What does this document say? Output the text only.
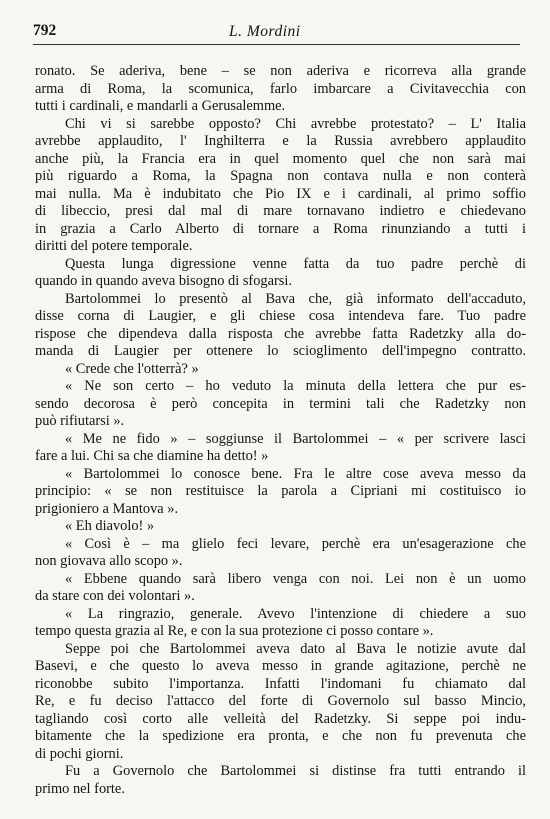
792	L. Mordini
ronato. Se aderiva, bene – se non aderiva e ricorreva alla grande
arma di Roma, la scomunica, farlo imbarcare a Civitavecchia con
tutti i cardinali, e mandarli a Gerusalemme.
Chi vi si sarebbe opposto? Chi avrebbe protestato? – L' Italia
avrebbe applaudito, l' Inghilterra e la Russia avrebbero applaudito
anche più, la Francia era in quel momento quel che non sarà mai
più riguardo a Roma, la Spagna non contava nulla e non conterà
mai nulla. Ma è indubitato che Pio IX e i cardinali, al primo soffio
di libeccio, presi dal mal di mare tornavano indietro e chiedevano
in grazia a Carlo Alberto di tornare a Roma rinunziando a tutti i
diritti del potere temporale.
Questa lunga digressione venne fatta da tuo padre perchè di
quando in quando aveva bisogno di sfogarsi.
Bartolommei lo presentò al Bava che, già informato dell'accaduto,
disse corna di Laugier, e gli chiese cosa intendeva fare. Tuo padre
rispose che dipendeva dalla risposta che avrebbe fatta Radetzky alla do-
manda di Laugier per ottenere lo scioglimento dell'impegno contratto.
« Crede che l'otterrà? »
« Ne son certo – ho veduto la minuta della lettera che pur es-
sendo decorosa è però concepita in termini tali che Radetzky non
può rifiutarsi ».
« Me ne fido » – soggiunse il Bartolommei – « per scrivere lasci
fare a lui. Chi sa che diamine ha detto! »
« Bartolommei lo conosce bene. Fra le altre cose aveva messo da
principio: « se non restituisce la parola a Cipriani mi costituisco io
prigioniero a Mantova ».
« Eh diavolo! »
« Così è – ma glielo feci levare, perchè era un'esagerazione che
non giovava allo scopo ».
« Ebbene quando sarà libero venga con noi. Lei non è un uomo
da stare con dei volontari ».
« La ringrazio, generale. Avevo l'intenzione di chiedere a suo
tempo questa grazia al Re, e con la sua protezione ci posso contare ».
Seppe poi che Bartolommei aveva dato al Bava le notizie avute dal
Basevi, e che questo lo aveva messo in grande agitazione, perchè ne
riconobbe subito l'importanza. Infatti l'indomani fu chiamato dal
Re, e fu deciso l'attacco del forte di Governolo sul basso Mincio,
tagliando così corto alle velleità del Radetzky. Si seppe poi indu-
bitamente che la spedizione era pronta, e che non fu prevenuta che
di pochi giorni.
Fu a Governolo che Bartolommei si distinse fra tutti entrando il
primo nel forte.
